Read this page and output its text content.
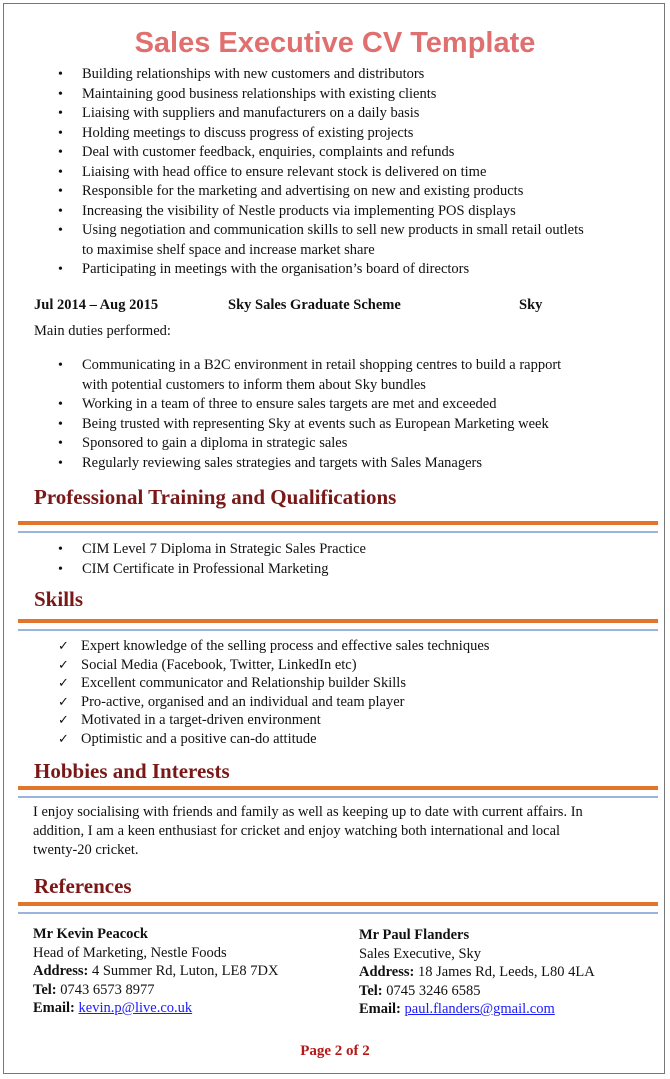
Sales Executive CV Template
• Building relationships with new customers and distributors
• Maintaining good business relationships with existing clients
• Liaising with suppliers and manufacturers on a daily basis
• Holding meetings to discuss progress of existing projects
• Deal with customer feedback, enquiries, complaints and refunds
• Liaising with head office to ensure relevant stock is delivered on time
• Responsible for the marketing and advertising on new and existing products
• Increasing the visibility of Nestle products via implementing POS displays
• Using negotiation and communication skills to sell new products in small retail outlets to maximise shelf space and increase market share
• Participating in meetings with the organisation’s board of directors
Jul 2014 – Aug 2015	Sky Sales Graduate Scheme	Sky

Main duties performed:

• Communicating in a B2C environment in retail shopping centres to build a rapport with potential customers to inform them about Sky bundles
• Working in a team of three to ensure sales targets are met and exceeded
• Being trusted with representing Sky at events such as European Marketing week
• Sponsored to gain a diploma in strategic sales
• Regularly reviewing sales strategies and targets with Sales Managers
Professional Training and Qualifications
• CIM Level 7 Diploma in Strategic Sales Practice
• CIM Certificate in Professional Marketing
Skills
✓ Expert knowledge of the selling process and effective sales techniques
✓ Social Media (Facebook, Twitter, LinkedIn etc)
✓ Excellent communicator and Relationship builder Skills
✓ Pro-active, organised and an individual and team player
✓ Motivated in a target-driven environment
✓ Optimistic and a positive can-do attitude
Hobbies and Interests

I enjoy socialising with friends and family as well as keeping up to date with current affairs. In addition, I am a keen enthusiast for cricket and enjoy watching both international and local twenty-20 cricket.

References
Mr Kevin Peacock
Head of Marketing, Nestle Foods
Address: 4 Summer Rd, Luton, LE8 7DX
Tel: 0743 6573 8977
Email: kevin.p@live.co.uk
Mr Paul Flanders
Sales Executive, Sky
Address: 18 James Rd, Leeds, L80 4LA
Tel: 0745 3246 6585
Email: paul.flanders@gmail.com

Page 2 of 2
